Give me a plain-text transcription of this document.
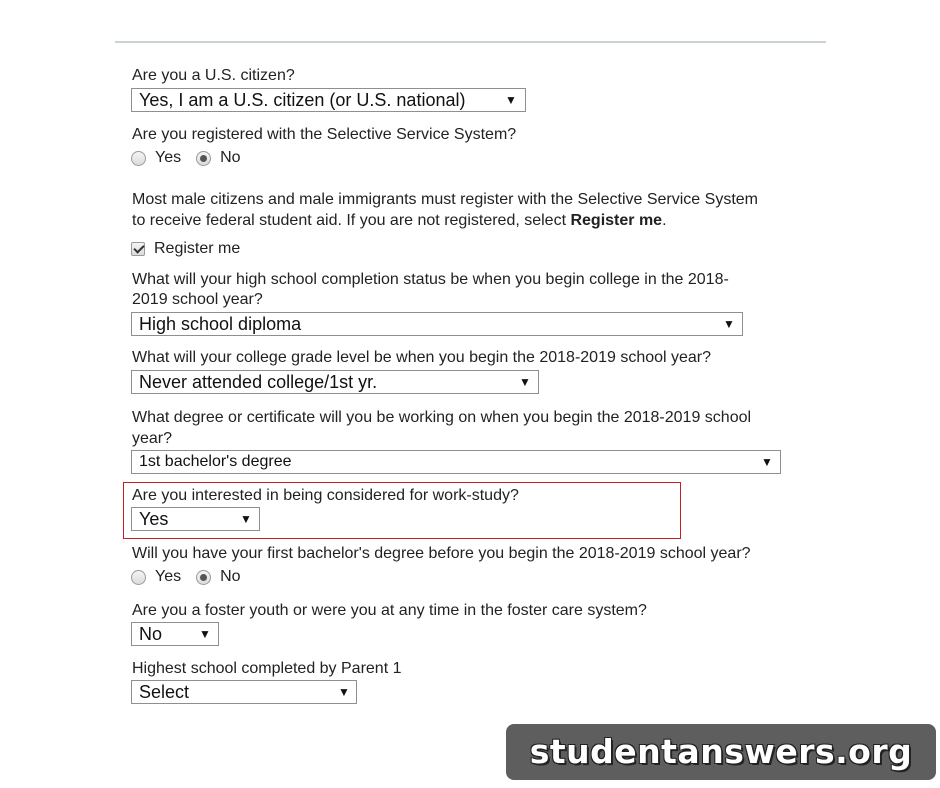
Are you a U.S. citizen?
Yes, I am a U.S. citizen (or U.S. national)	▼
Are you registered with the Selective Service System?
Yes No
Most male citizens and male immigrants must register with the Selective Service System
to receive federal student aid. If you are not registered, select Register me.
Register me
What will your high school completion status be when you begin college in the 2018-
2019 school year?
High school diploma	▼
What will your college grade level be when you begin the 2018-2019 school year?
Never attended college/1st yr.	▼
What degree or certificate will you be working on when you begin the 2018-2019 school
year?
1st bachelor's degree	▼
Are you interested in being considered for work-study?
Yes	▼
Will you have your first bachelor's degree before you begin the 2018-2019 school year?
Yes No
Are you a foster youth or were you at any time in the foster care system?
No	▼
Highest school completed by Parent 1
Select	▼
studentanswers.org
